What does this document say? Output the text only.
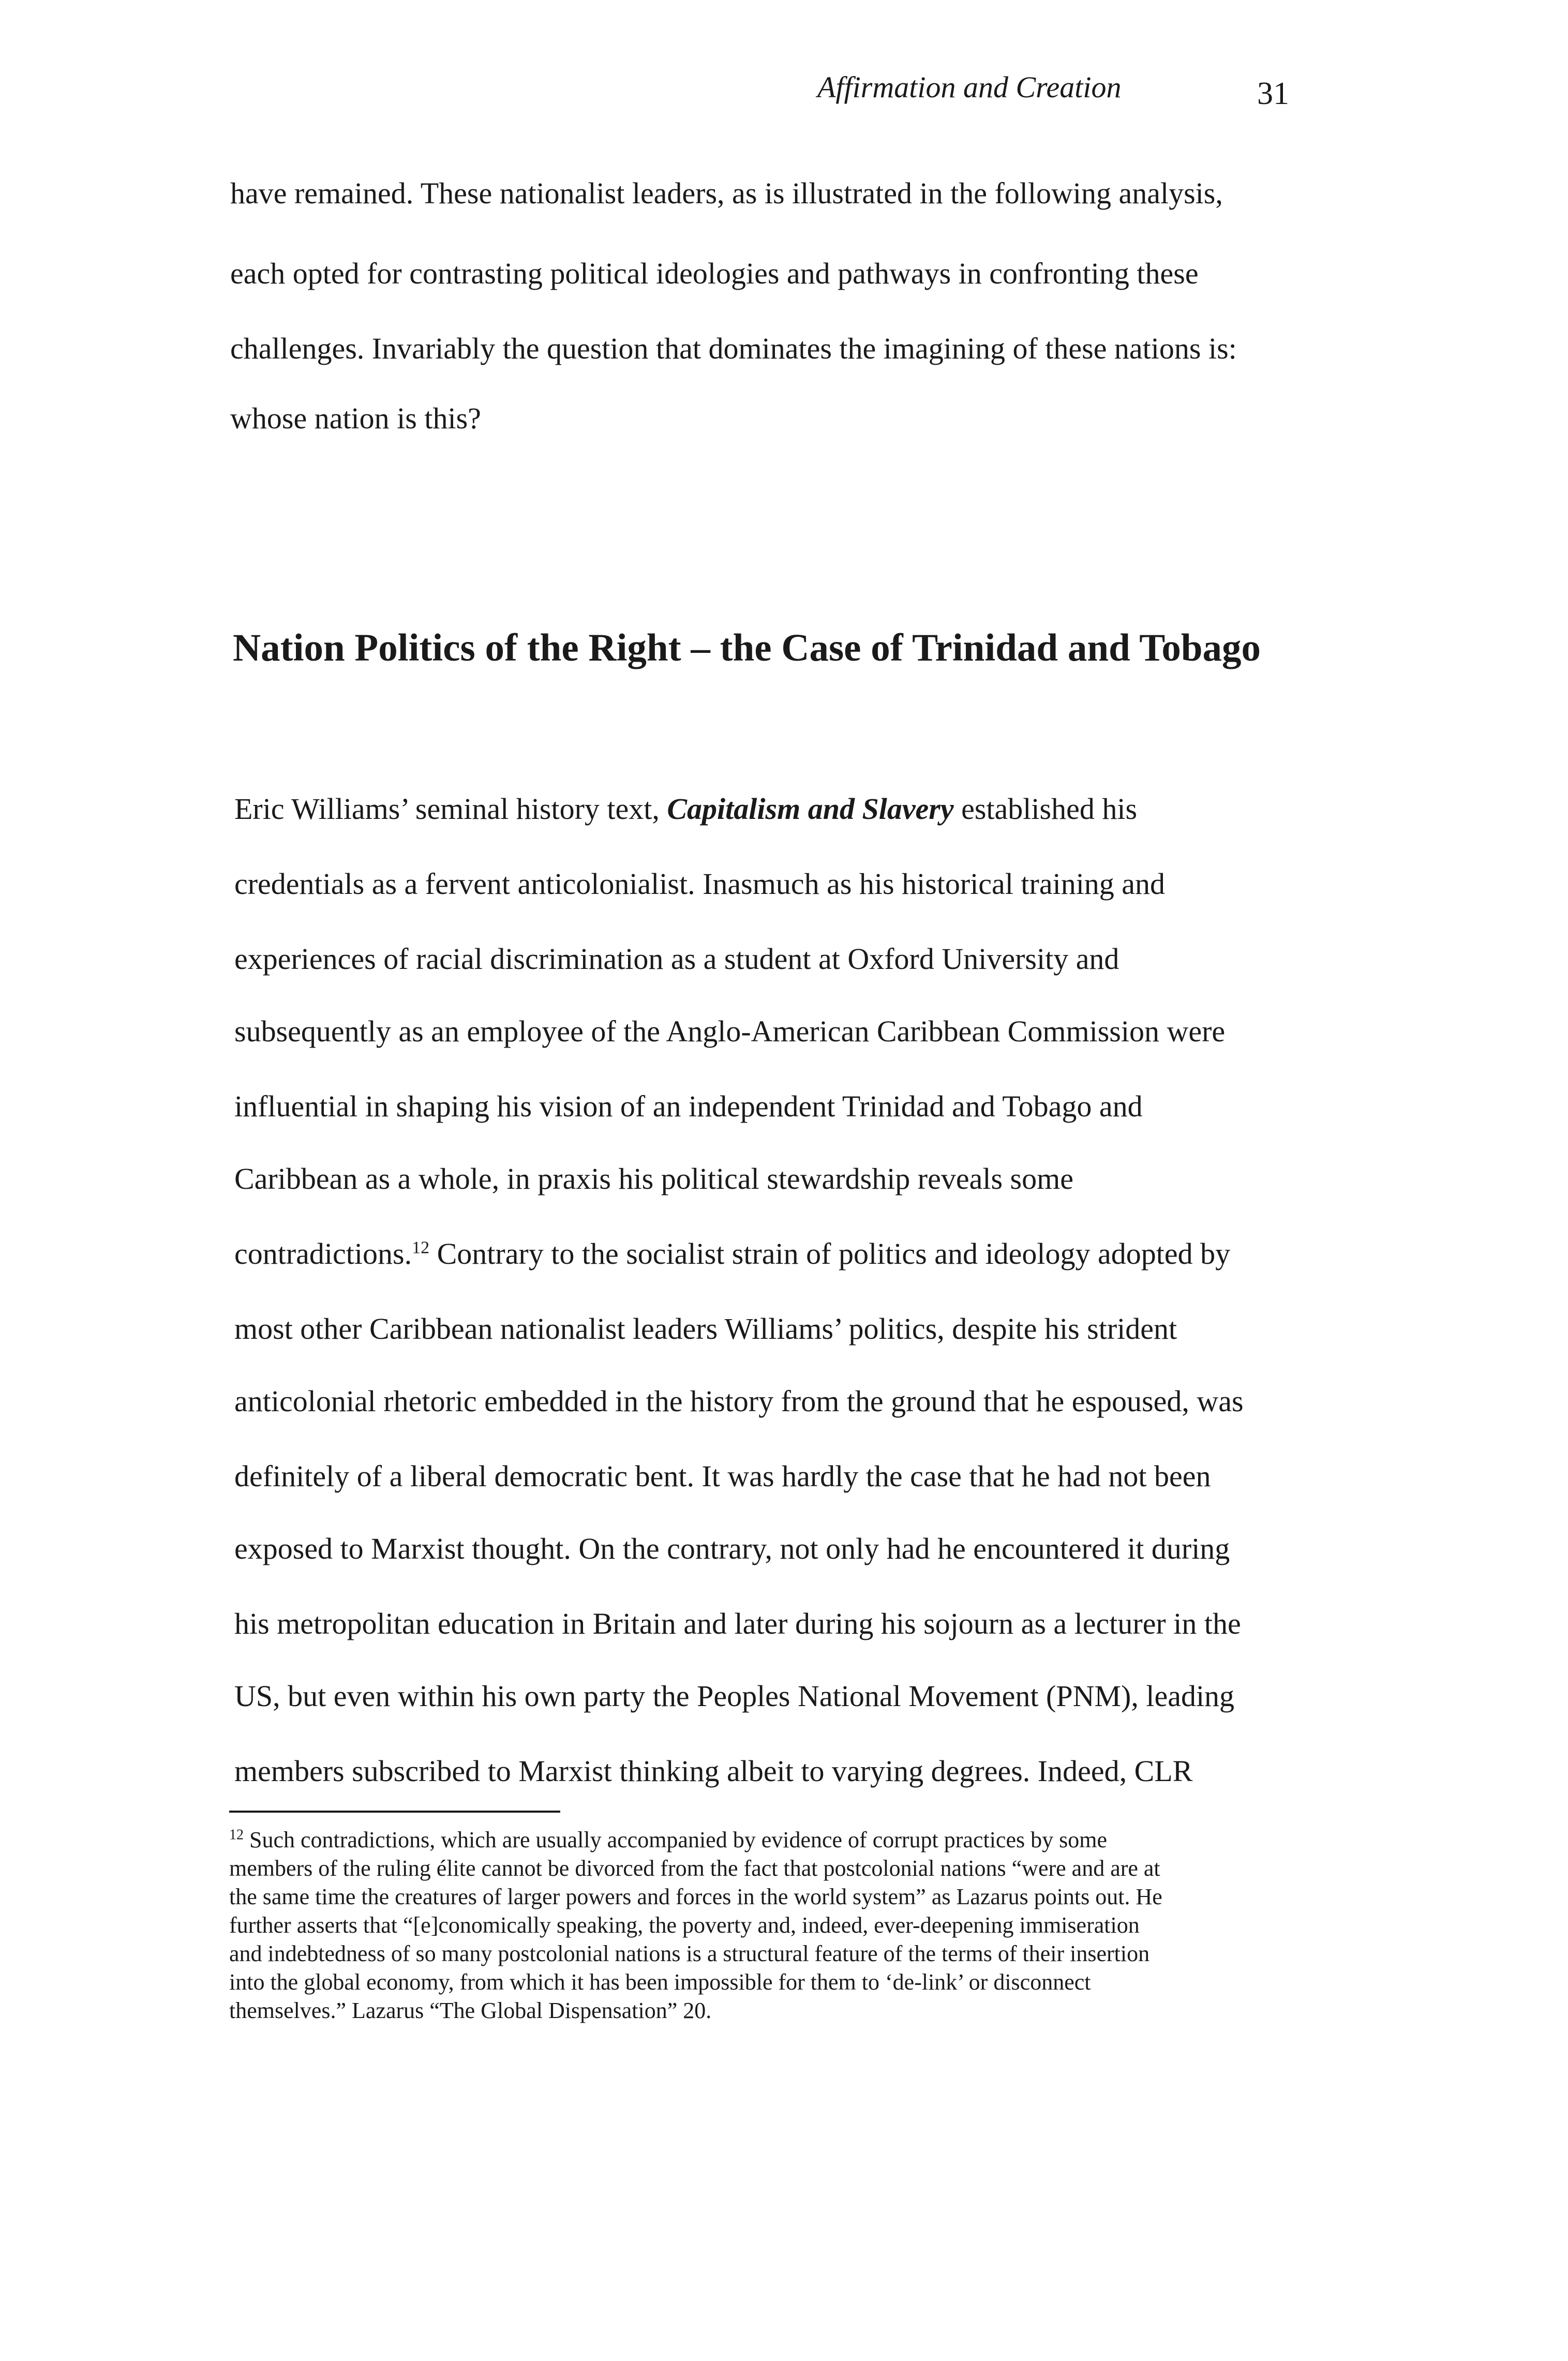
Affirmation and Creation	31
have remained. These nationalist leaders, as is illustrated in the following analysis,
each opted for contrasting political ideologies and pathways in confronting these
challenges. Invariably the question that dominates the imagining of these nations is:
whose nation is this?
Nation Politics of the Right – the Case of Trinidad and Tobago
Eric Williams’ seminal history text, Capitalism and Slavery established his
credentials as a fervent anticolonialist. Inasmuch as his historical training and
experiences of racial discrimination as a student at Oxford University and
subsequently as an employee of the Anglo-American Caribbean Commission were
influential in shaping his vision of an independent Trinidad and Tobago and
Caribbean as a whole, in praxis his political stewardship reveals some
contradictions.$^{12}$ Contrary to the socialist strain of politics and ideology adopted by
most other Caribbean nationalist leaders Williams’ politics, despite his strident
anticolonial rhetoric embedded in the history from the ground that he espoused, was
definitely of a liberal democratic bent. It was hardly the case that he had not been
exposed to Marxist thought. On the contrary, not only had he encountered it during
his metropolitan education in Britain and later during his sojourn as a lecturer in the
US, but even within his own party the Peoples National Movement (PNM), leading
members subscribed to Marxist thinking albeit to varying degrees. Indeed, CLR
$^{12}$ Such contradictions, which are usually accompanied by evidence of corrupt practices by some
members of the ruling élite cannot be divorced from the fact that postcolonial nations “were and are at
the same time the creatures of larger powers and forces in the world system” as Lazarus points out. He
further asserts that “[e]conomically speaking, the poverty and, indeed, ever-deepening immiseration
and indebtedness of so many postcolonial nations is a structural feature of the terms of their insertion
into the global economy, from which it has been impossible for them to ‘de-link’ or disconnect
themselves.” Lazarus “The Global Dispensation” 20.
